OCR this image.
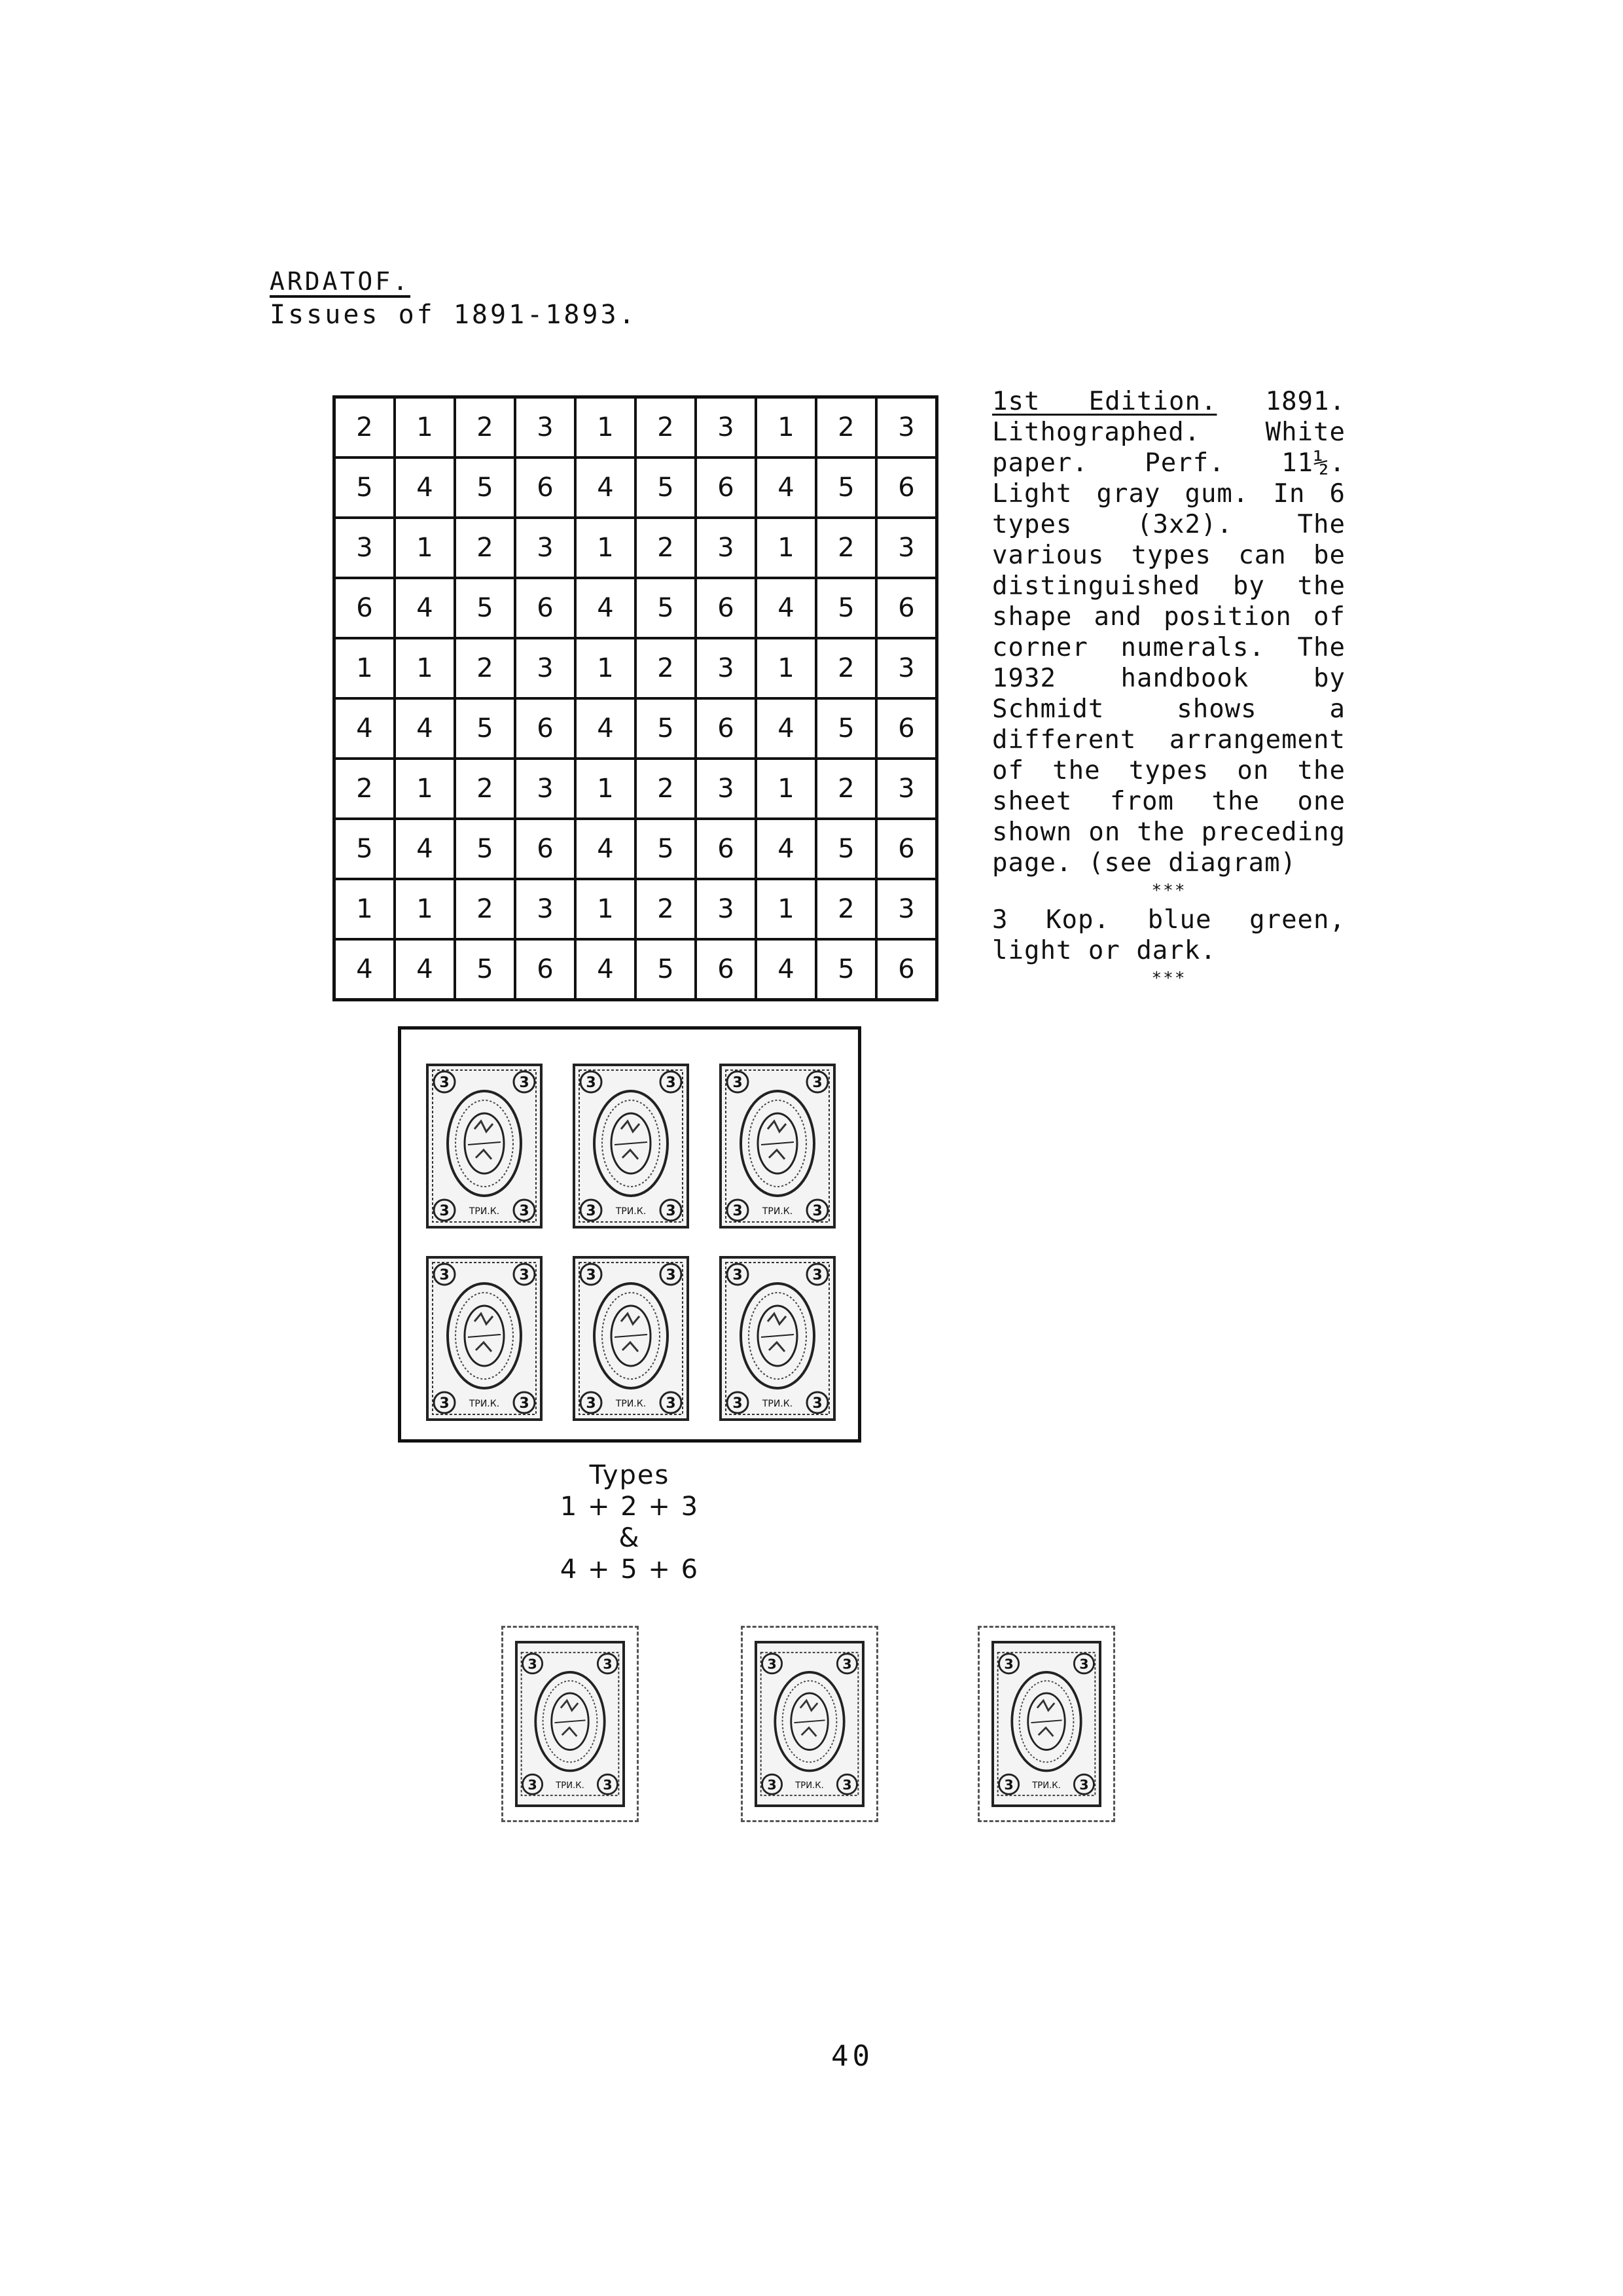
ARDATOF.
Issues of 1891-1893.
2	1	2	3	1	2	3	1	2	3
5	4	5	6	4	5	6	4	5	6
3	1	2	3	1	2	3	1	2	3
6	4	5	6	4	5	6	4	5	6
1	1	2	3	1	2	3	1	2	3
4	4	5	6	4	5	6	4	5	6
2	1	2	3	1	2	3	1	2	3
5	4	5	6	4	5	6	4	5	6
1	1	2	3	1	2	3	1	2	3
4	4	5	6	4	5	6	4	5	6
1st Edition. 1891. Lithographed. White paper. Perf. 11½. Light gray gum. In 6 types (3x2). The various types can be distinguished by the shape and position of corner numerals. The 1932 handbook by Schmidt shows a different arrangement of the types on the sheet from the one shown on the preceding page. (see diagram)
***

3 Kop. blue green, light or dark.

***
3	3
3	3
ТРИ.К.
3	3
3	3
ТРИ.К.
3	3
3	3
ТРИ.К.
3	3
3	3
ТРИ.К.
3	3
3	3
ТРИ.К.
3	3
3	3
ТРИ.К.
Types
1 + 2 + 3
&
4 + 5 + 6
3	3
3	3
ТРИ.К.
3	3
3	3
ТРИ.К.
3	3
3	3
ТРИ.К.
40
